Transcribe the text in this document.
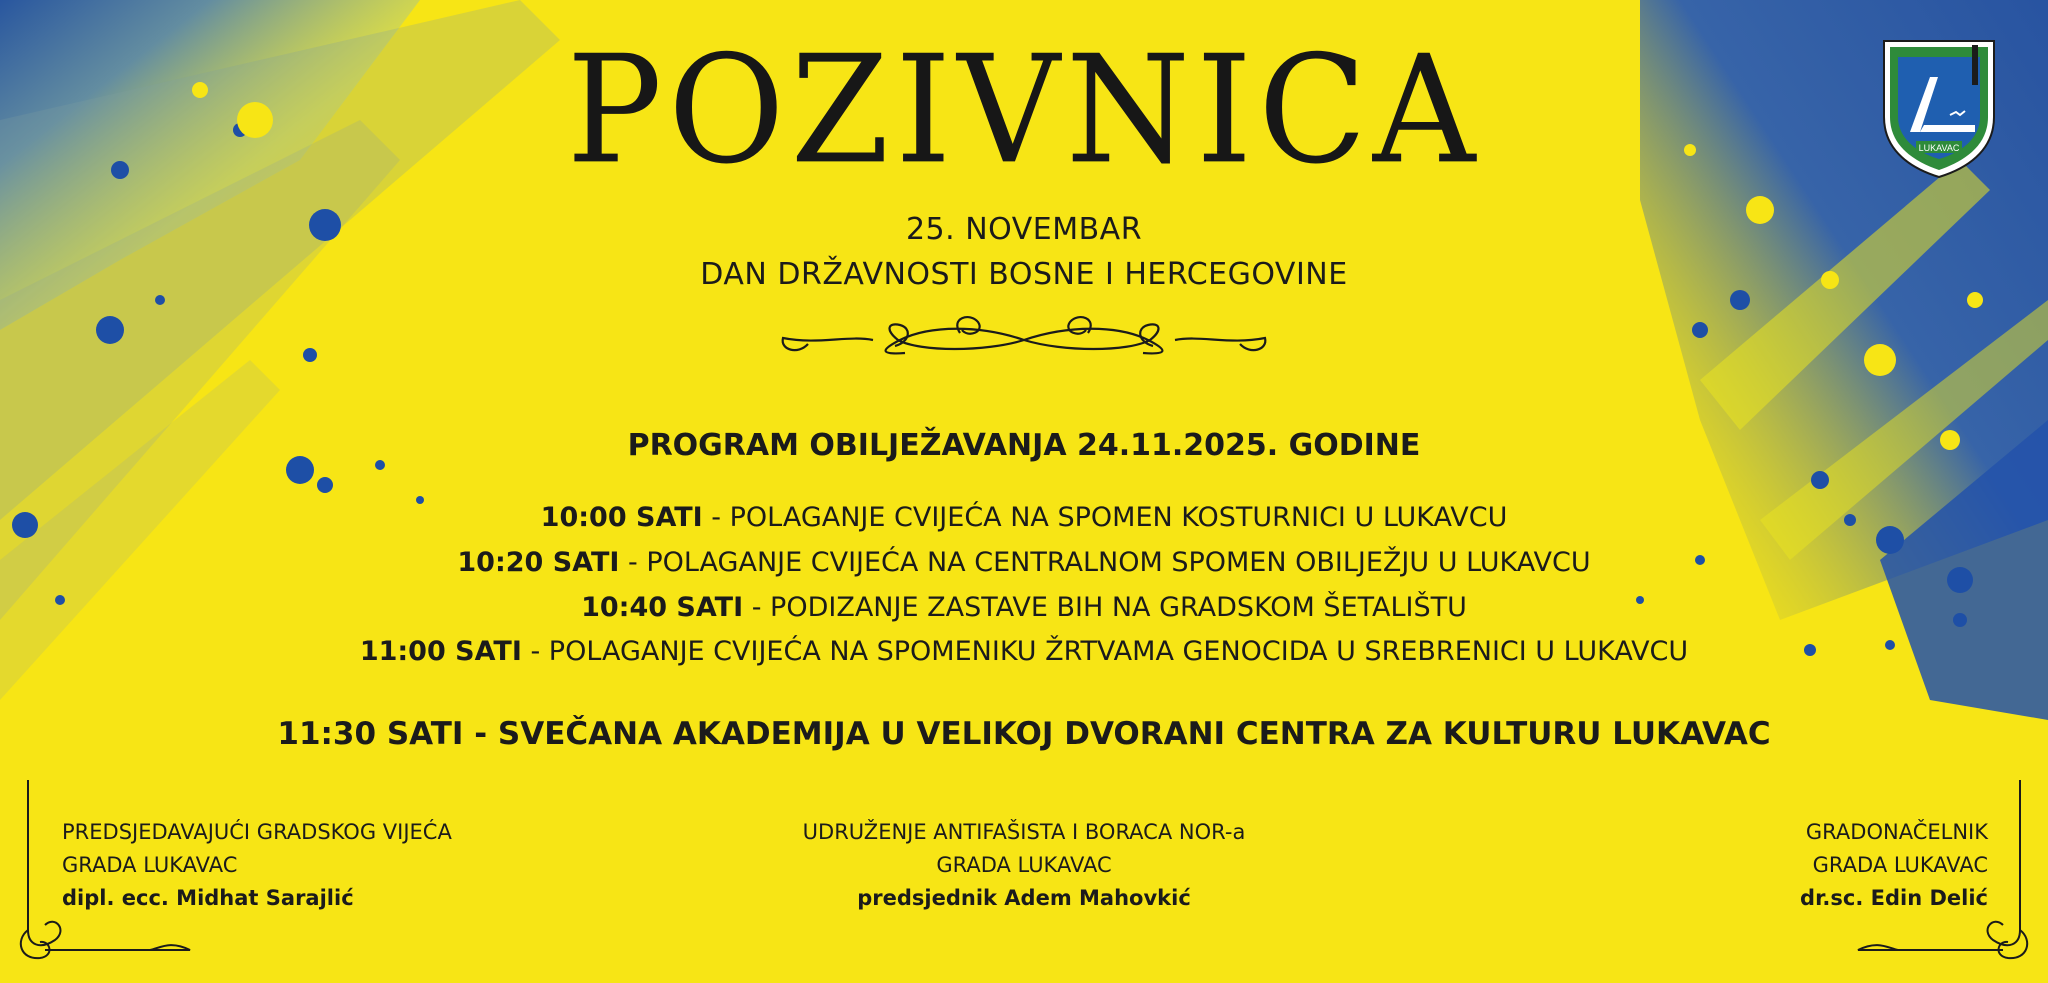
LUKAVAC
POZIVNICA
25. NOVEMBAR
DAN DRŽAVNOSTI BOSNE I HERCEGOVINE
PROGRAM OBILJEŽAVANJA 24.11.2025. GODINE
10:00 SATI - POLAGANJE CVIJEĆA NA SPOMEN KOSTURNICI U LUKAVCU
10:20 SATI - POLAGANJE CVIJEĆA NA CENTRALNOM SPOMEN OBILJEŽJU U LUKAVCU
10:40 SATI - PODIZANJE ZASTAVE BIH NA GRADSKOM ŠETALIŠTU
11:00 SATI - POLAGANJE CVIJEĆA NA SPOMENIKU ŽRTVAMA GENOCIDA U SREBRENICI U LUKAVCU
11:30 SATI - SVEČANA AKADEMIJA U VELIKOJ DVORANI CENTRA ZA KULTURU LUKAVAC
PREDSJEDAVAJUĆI GRADSKOG VIJEĆA
GRADA LUKAVAC
dipl. ecc. Midhat Sarajlić
UDRUŽENJE ANTIFAŠISTA I BORACA NOR-a
GRADA LUKAVAC
predsjednik Adem Mahovkić
GRADONAČELNIK
GRADA LUKAVAC
dr.sc. Edin Delić
